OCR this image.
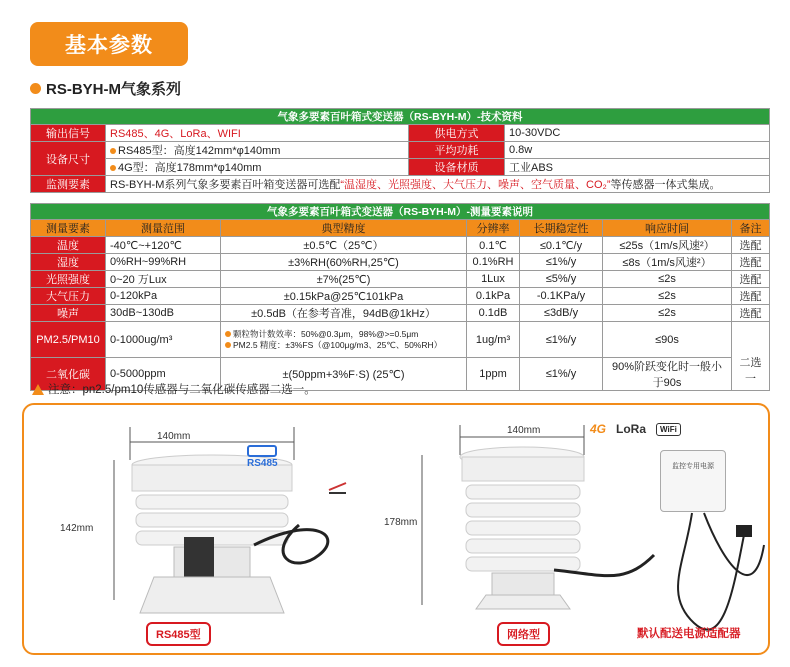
基本参数
RS-BYH-M气象系列
气象多要素百叶箱式变送器（RS-BYH-M）-技术资料			
输出信号	RS485、4G、LoRa、WIFI	供电方式	10-30VDC
设备尺寸	RS485型：高度142mm*φ140mm	平均功耗	0.8w
	4G型：高度178mm*φ140mm	设备材质	工业ABS
监测要素	RS-BYH-M系列气象多要素百叶箱变送器可选配“温湿度、光照强度、大气压力、噪声、空气质量、CO₂”等传感器一体式集成。		
气象多要素百叶箱式变送器（RS-BYH-M）-测量要素说明						
测量要素	测量范围	典型精度	分辨率	长期稳定性	响应时间	备注
温度	-40℃~+120℃	±0.5℃（25℃）	0.1℃	≤0.1℃/y	≤25s（1m/s风速²）	选配
湿度	0%RH~99%RH	±3%RH(60%RH,25℃)	0.1%RH	≤1%/y	≤8s（1m/s风速²）	选配
光照强度	0~20 万Lux	±7%(25℃)	1Lux	≤5%/y	≤2s	选配
大气压力	0-120kPa	±0.15kPa@25℃101kPa	0.1kPa	-0.1KPa/y	≤2s	选配
噪声	30dB~130dB	±0.5dB（在参考音准，94dB@1kHz）	0.1dB	≤3dB/y	≤2s	选配
PM2.5/PM10	0-1000ug/m³	颗粒物计数效率：50%@0.3μm，98%@>=0.5μm
PM2.5 精度：±3%FS（@100μg/m3、25℃、50%RH）	1ug/m³	≤1%/y	≤90s	二选一
二氧化碳	0-5000ppm	±(50ppm+3%F·S) (25℃)	1ppm	≤1%/y	90%阶跃变化时一般小于90s	
注意：pn2.5/pm10传感器与二氧化碳传感器二选一。
140mm
142mm
RS485
RS485型
140mm
178mm
4G LoRa	WiFi
监控专用电源
网络型	默认配送电源适配器
